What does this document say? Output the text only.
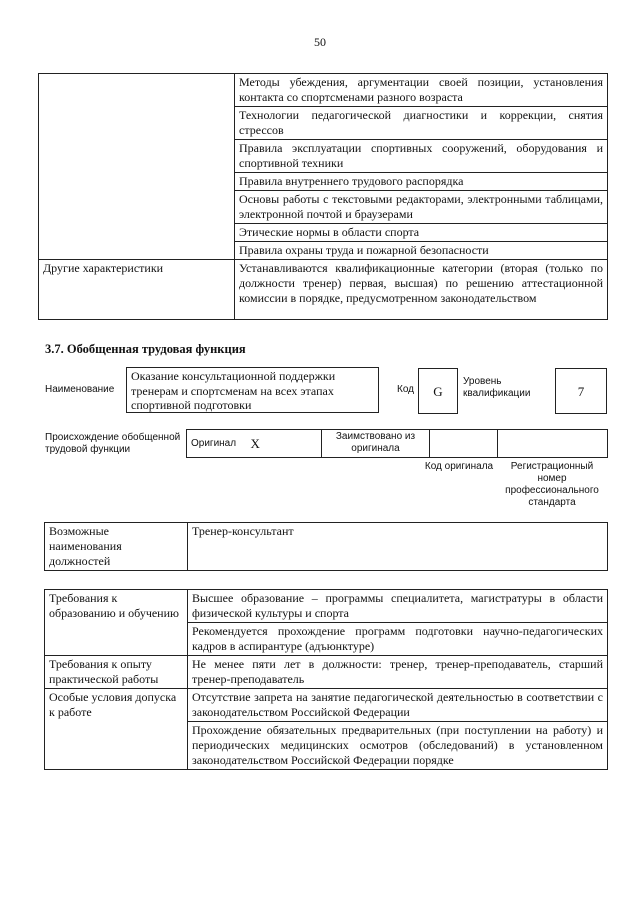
50
	Методы убеждения, аргументации своей позиции, установления контакта со спортсменами разного возраста
	Технологии педагогической диагностики и коррекции, снятия стрессов
	Правила эксплуатации спортивных сооружений, оборудования и спортивной техники
	Правила внутреннего трудового распорядка
	Основы работы с текстовыми редакторами, электронными таблицами, электронной почтой и браузерами
	Этические нормы в области спорта
	Правила охраны труда и пожарной безопасности
Другие характеристики	Устанавливаются квалификационные категории (вторая (только по должности тренер) первая, высшая) по решению аттестационной комиссии в порядке, предусмотренном законодательством
3.7. Обобщенная трудовая функция
Наименование
Оказание консультационной поддержки тренерам и спортсменам на всех этапах спортивной подготовки
Код	G
Уровень квалификации	7
Происхождение обобщенной трудовой функции
Оригинал	X	Заимствовано из оригинала		
Код оригинала	Регистрационный номер профессионального стандарта
Возможные наименования должностей	Тренер-консультант
Требования к образованию и обучению	Высшее образование – программы специалитета, магистратуры в области физической культуры и спорта
	Рекомендуется прохождение программ подготовки научно-педагогических кадров в аспирантуре (адъюнктуре)
Требования к опыту практической работы	Не менее пяти лет в должности: тренер, тренер-преподаватель, старший тренер-преподаватель
Особые условия допуска к работе	Отсутствие запрета на занятие педагогической деятельностью в соответствии с законодательством Российской Федерации
	Прохождение обязательных предварительных (при поступлении на работу) и периодических медицинских осмотров (обследований) в установленном законодательством Российской Федерации порядке
